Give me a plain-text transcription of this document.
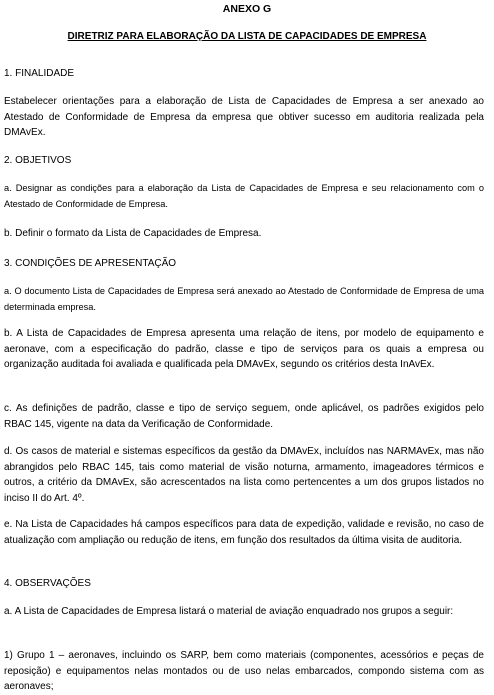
ANEXO G
DIRETRIZ PARA ELABORAÇÃO DA LISTA DE CAPACIDADES DE EMPRESA
1. FINALIDADE
Estabelecer orientações para a elaboração de Lista de Capacidades de Empresa a ser anexado ao Atestado de Conformidade de Empresa da empresa que obtiver sucesso em auditoria realizada pela DMAvEx.
2. OBJETIVOS
a. Designar as condições para a elaboração da Lista de Capacidades de Empresa e seu relacionamento com o Atestado de Conformidade de Empresa.
b. Definir o formato da Lista de Capacidades de Empresa.
3. CONDIÇÕES DE APRESENTAÇÃO
a. O documento Lista de Capacidades de Empresa será anexado ao Atestado de Conformidade de Empresa de uma determinada empresa.
b. A Lista de Capacidades de Empresa apresenta uma relação de itens, por modelo de equipamento e aeronave, com a especificação do padrão, classe e tipo de serviços para os quais a empresa ou organização auditada foi avaliada e qualificada pela DMAvEx, segundo os critérios desta InAvEx.
c. As definições de padrão, classe e tipo de serviço seguem, onde aplicável, os padrões exigidos pelo RBAC 145, vigente na data da Verificação de Conformidade.
d. Os casos de material e sistemas específicos da gestão da DMAvEx, incluídos nas NARMAvEx, mas não abrangidos pelo RBAC 145, tais como material de visão noturna, armamento, imageadores térmicos e outros, a critério da DMAvEx, são acrescentados na lista como pertencentes a um dos grupos listados no inciso II do Art. 4º.
e. Na Lista de Capacidades há campos específicos para data de expedição, validade e revisão, no caso de atualização com ampliação ou redução de itens, em função dos resultados da última visita de auditoria.
4. OBSERVAÇÕES
a. A Lista de Capacidades de Empresa listará o material de aviação enquadrado nos grupos a seguir:
1) Grupo 1 – aeronaves, incluindo os SARP, bem como materiais (componentes, acessórios e peças de reposição) e equipamentos nelas montados ou de uso nelas embarcados, compondo sistema com as aeronaves;
